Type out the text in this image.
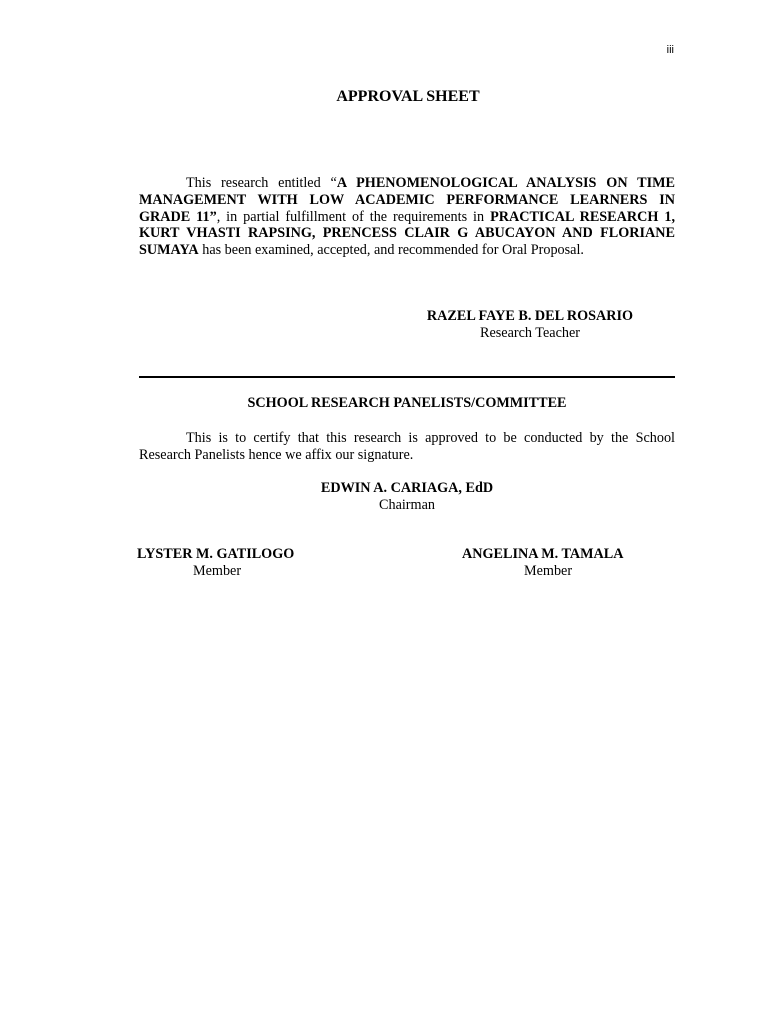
iii
APPROVAL SHEET
This research entitled “A PHENOMENOLOGICAL ANALYSIS ON TIME MANAGEMENT WITH LOW ACADEMIC PERFORMANCE LEARNERS IN GRADE 11”, in partial fulfillment of the requirements in PRACTICAL RESEARCH 1, KURT VHASTI RAPSING, PRENCESS CLAIR G ABUCAYON AND FLORIANE SUMAYA has been examined, accepted, and recommended for Oral Proposal.
RAZEL FAYE B. DEL ROSARIO
Research Teacher
SCHOOL RESEARCH PANELISTS/COMMITTEE
This is to certify that this research is approved to be conducted by the School Research Panelists hence we affix our signature.
EDWIN A. CARIAGA, EdD
Chairman
LYSTER M. GATILOGO
Member
ANGELINA M. TAMALA
Member
